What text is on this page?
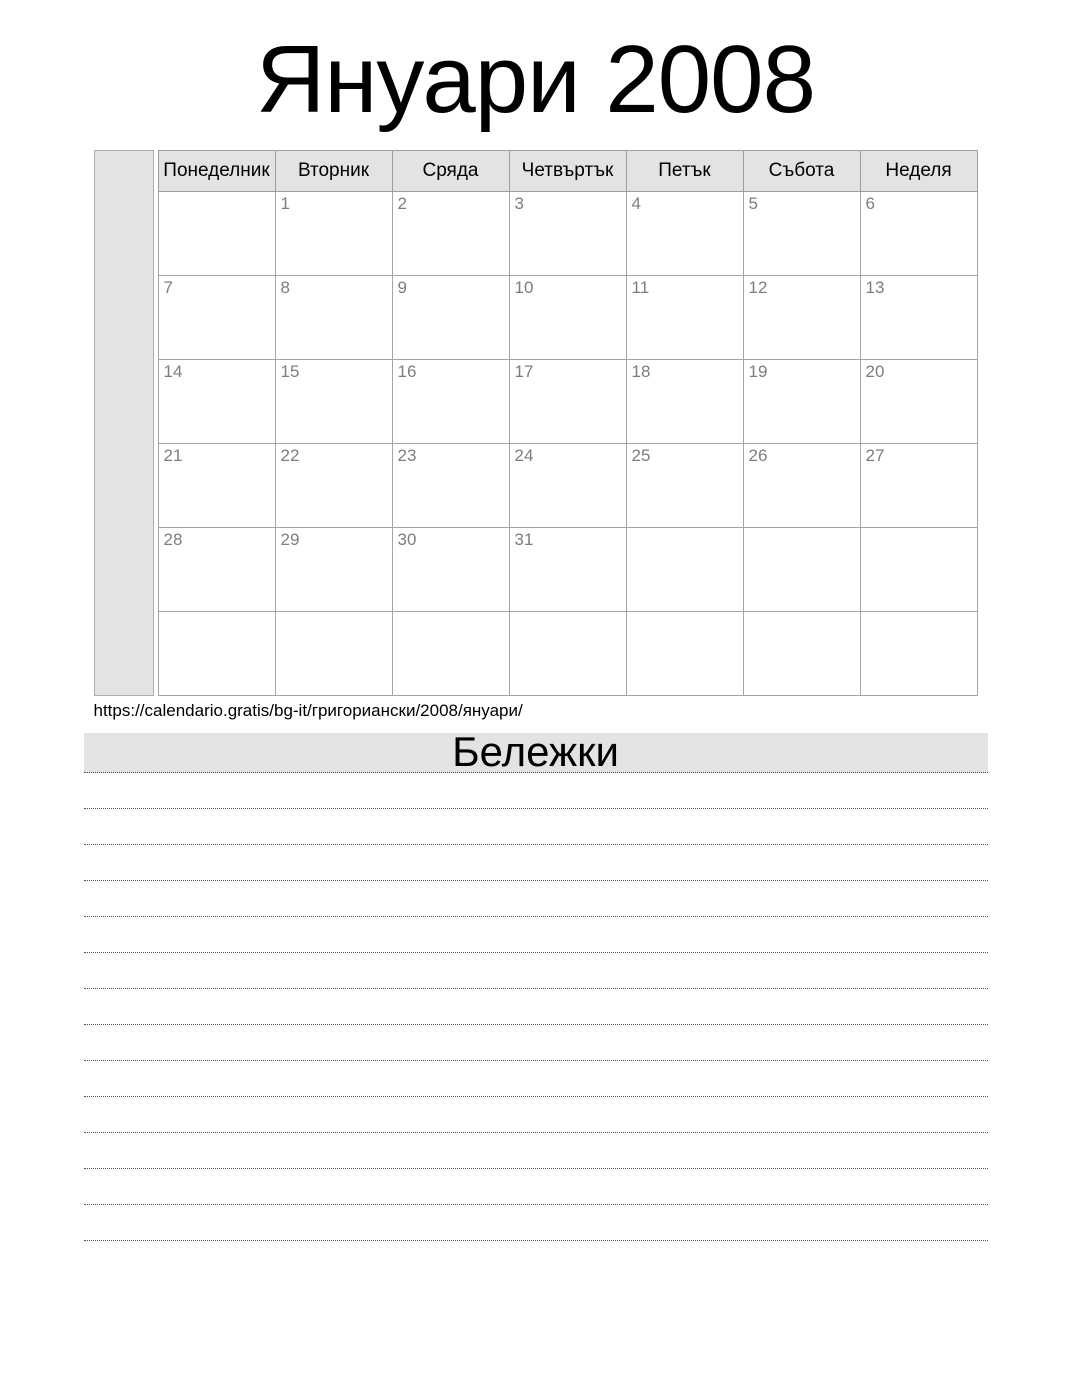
Януари 2008
Понеделник	Вторник	Сряда	Четвъртък	Петък	Събота	Неделя
	1	2	3	4	5	6
7	8	9	10	11	12	13
14	15	16	17	18	19	20
21	22	23	24	25	26	27
28	29	30	31			

https://calendario.gratis/bg-it/григориански/2008/януари/
Бележки
